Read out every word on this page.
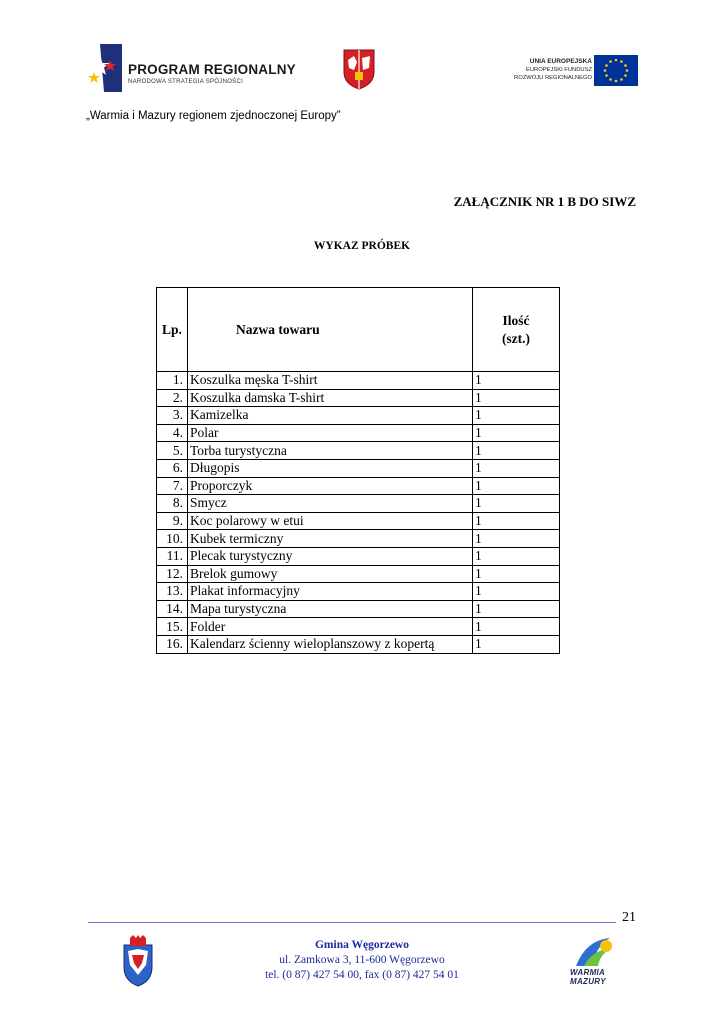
PROGRAM REGIONALNY
NARODOWA STRATEGIA SPÓJNOŚCI
UNIA EUROPEJSKA
EUROPEJSKI FUNDUSZ
ROZWOJU REGIONALNEGO
„Warmia i Mazury regionem zjednoczonej Europy”
ZAŁĄCZNIK NR 1 B DO SIWZ
WYKAZ PRÓBEK
Lp.	Nazwa towaru	Ilość
(szt.)

1.	Koszulka męska T-shirt	1
2.	Koszulka damska T-shirt	1
3.	Kamizelka	1
4.	Polar	1
5.	Torba turystyczna	1
6.	Długopis	1
7.	Proporczyk	1
8.	Smycz	1
9.	Koc polarowy w etui	1
10.	Kubek termiczny	1
11.	Plecak turystyczny	1
12.	Brelok gumowy	1
13.	Plakat informacyjny	1
14.	Mapa turystyczna	1
15.	Folder	1
16.	Kalendarz ścienny wieloplanszowy z kopertą	1
21
Gmina Węgorzewo
ul. Zamkowa 3, 11-600 Węgorzewo
tel. (0 87) 427 54 00, fax (0 87) 427 54 01	WARMIA
MAZURY
